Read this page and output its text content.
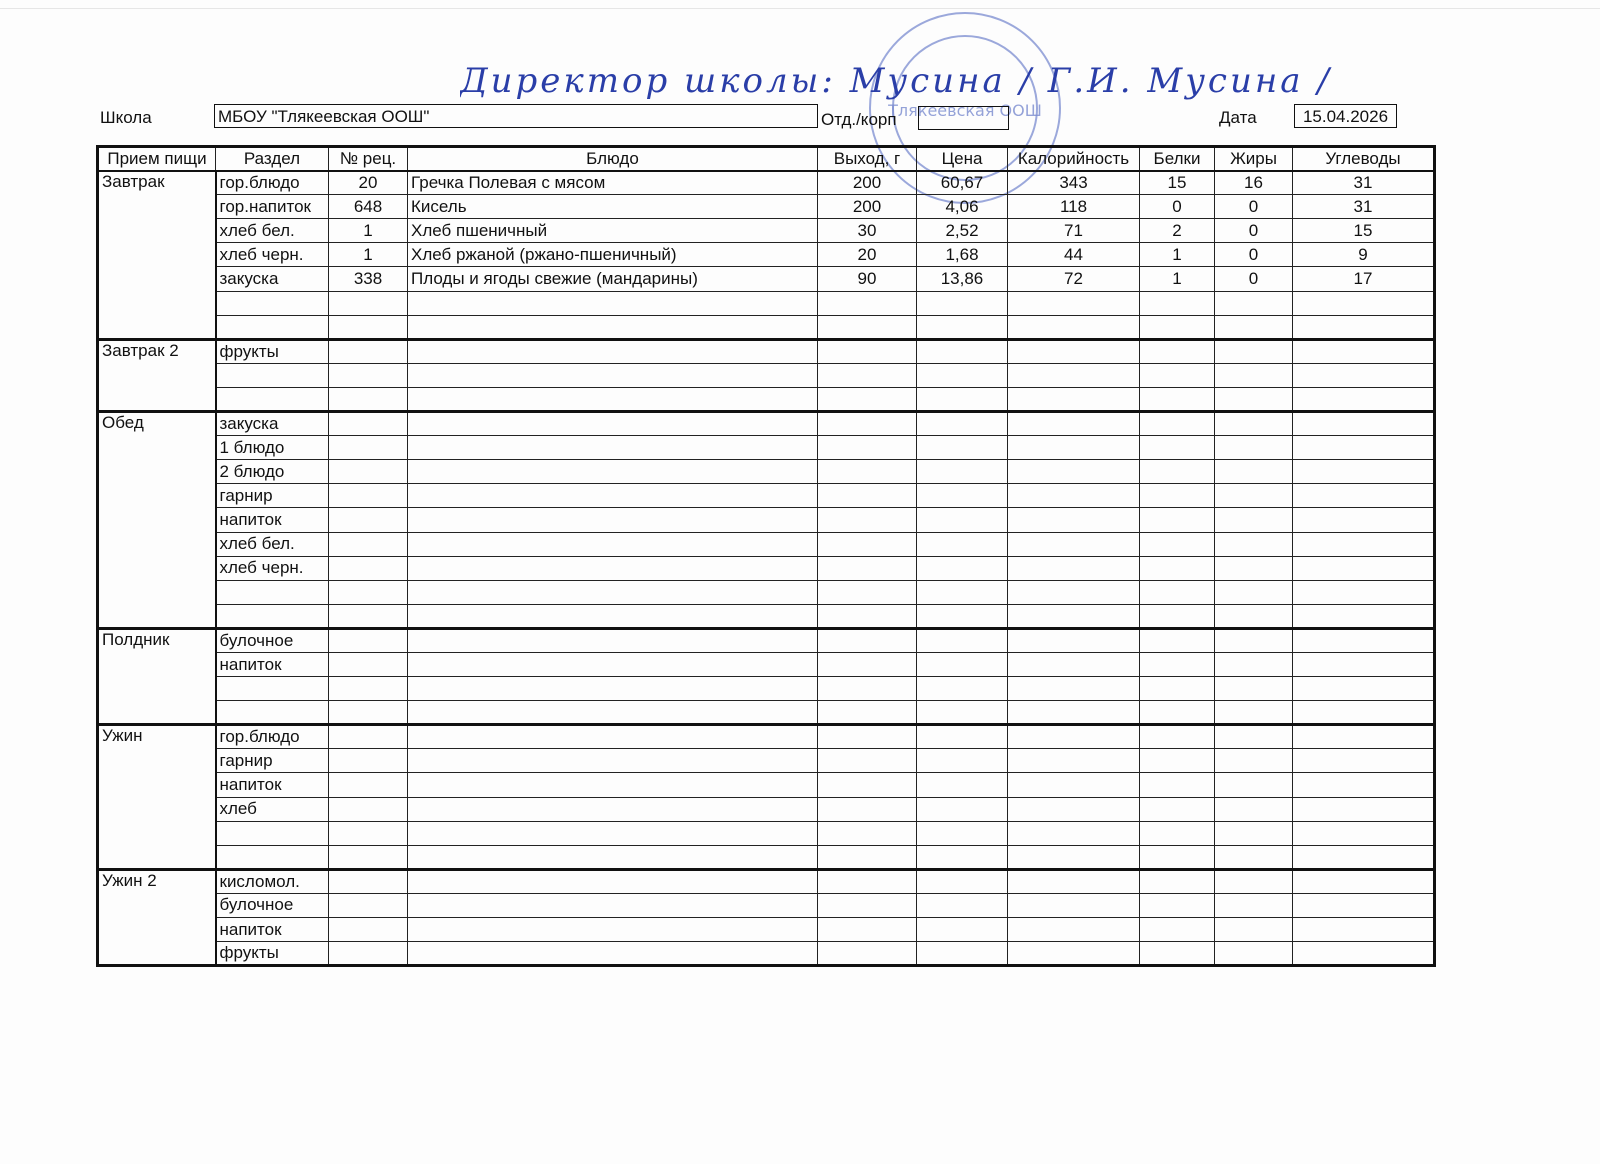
Тлякеевская ООШ
Директор школы: Мусина / Г.И. Мусина /
Школа	МБОУ "Тлякеевская ООШ"	Отд./корп	Дата	15.04.2026
Прием пищи	Раздел	№ рец.	Блюдо	Выход, г	Цена	Калорийность	Белки	Жиры	Углеводы
Завтрак	гор.блюдо	20	Гречка Полевая с мясом	200	60,67	343	15	16	31
	гор.напиток	648	Кисель	200	4,06	118	0	0	31
	хлеб бел.	1	Хлеб пшеничный	30	2,52	71	2	0	15
	хлеб черн.	1	Хлеб ржаной (ржано-пшеничный)	20	1,68	44	1	0	9
	закуска	338	Плоды и ягоды свежие (мандарины)	90	13,86	72	1	0	17

Завтрак 2	фрукты								

Обед	закуска								
	1 блюдо								
	2 блюдо								
	гарнир								
	напиток								
	хлеб бел.								
	хлеб черн.								

Полдник	булочное								
	напиток								

Ужин	гор.блюдо								
	гарнир								
	напиток								
	хлеб								

Ужин 2	кисломол.								
	булочное								
	напиток								
	фрукты								
